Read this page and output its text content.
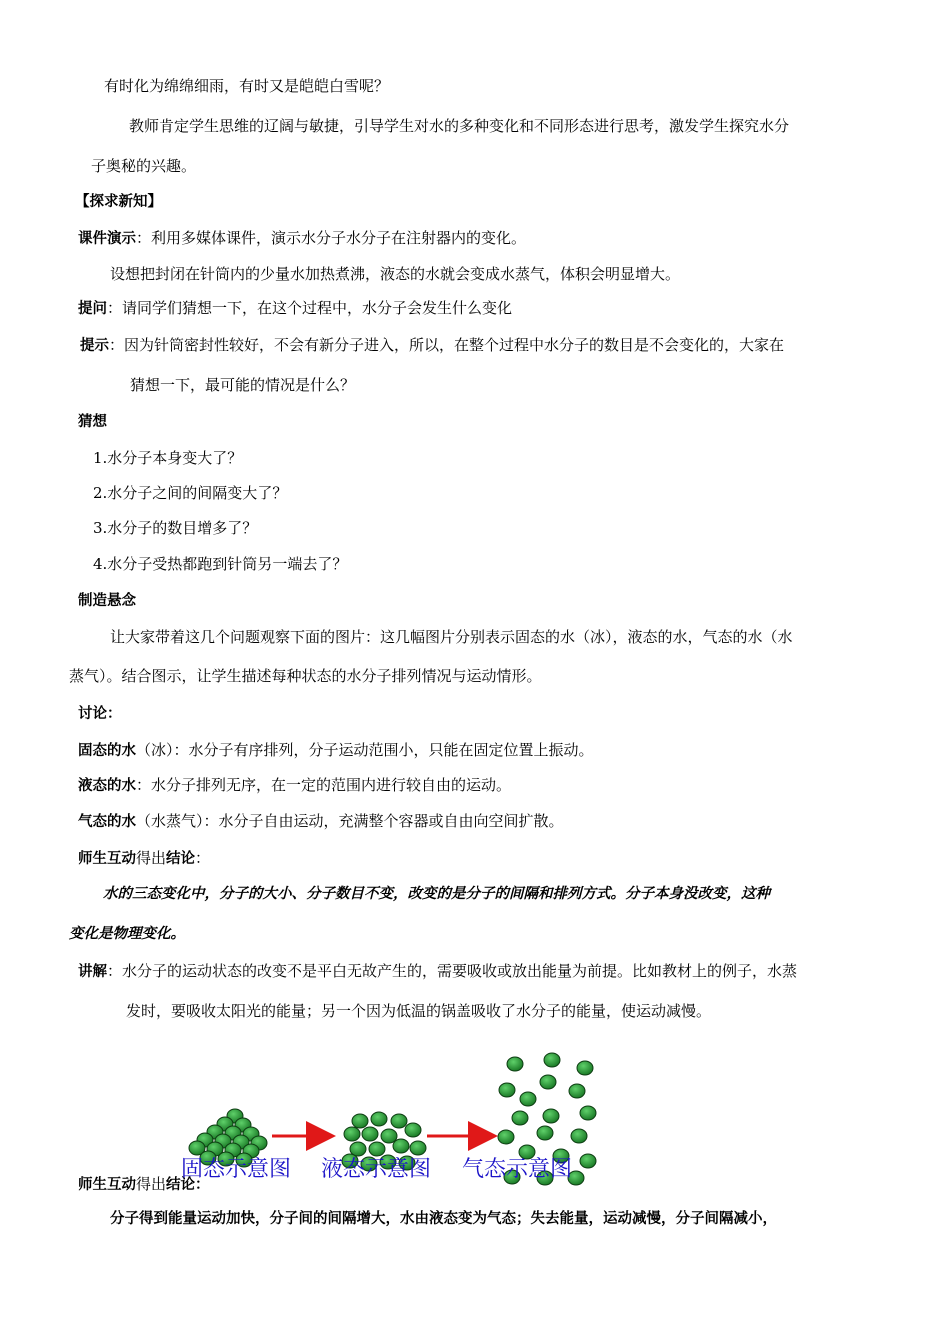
有时化为绵绵细雨，有时又是皑皑白雪呢？
教师肯定学生思维的辽阔与敏捷，引导学生对水的多种变化和不同形态进行思考，激发学生探究水分
子奥秘的兴趣。
【探求新知】
课件演示：利用多媒体课件，演示水分子水分子在注射器内的变化。
设想把封闭在针筒内的少量水加热煮沸，液态的水就会变成水蒸气，体积会明显增大。
提问：请同学们猜想一下，在这个过程中，水分子会发生什么变化
提示：因为针筒密封性较好，不会有新分子进入，所以，在整个过程中水分子的数目是不会变化的，大家在
猜想一下，最可能的情况是什么？
猜想
1.水分子本身变大了？
2.水分子之间的间隔变大了？
3.水分子的数目增多了？
4.水分子受热都跑到针筒另一端去了？
制造悬念
让大家带着这几个问题观察下面的图片：这几幅图片分别表示固态的水（冰），液态的水，气态的水（水
蒸气）。结合图示，让学生描述每种状态的水分子排列情况与运动情形。
讨论：
固态的水（冰）：水分子有序排列，分子运动范围小，只能在固定位置上振动。
液态的水：水分子排列无序，在一定的范围内进行较自由的运动。
气态的水（水蒸气）：水分子自由运动，充满整个容器或自由向空间扩散。
师生互动得出结论：
水的三态变化中，分子的大小、分子数目不变，改变的是分子的间隔和排列方式。分子本身没改变，这种
变化是物理变化。
讲解：水分子的运动状态的改变不是平白无故产生的，需要吸收或放出能量为前提。比如教材上的例子，水蒸
发时，要吸收太阳光的能量；另一个因为低温的锅盖吸收了水分子的能量，使运动减慢。
师生互动得出结论：
固态示意图 液态示意图 气态示意图
分子得到能量运动加快，分子间的间隔增大，水由液态变为气态；失去能量，运动减慢，分子间隔减小，
